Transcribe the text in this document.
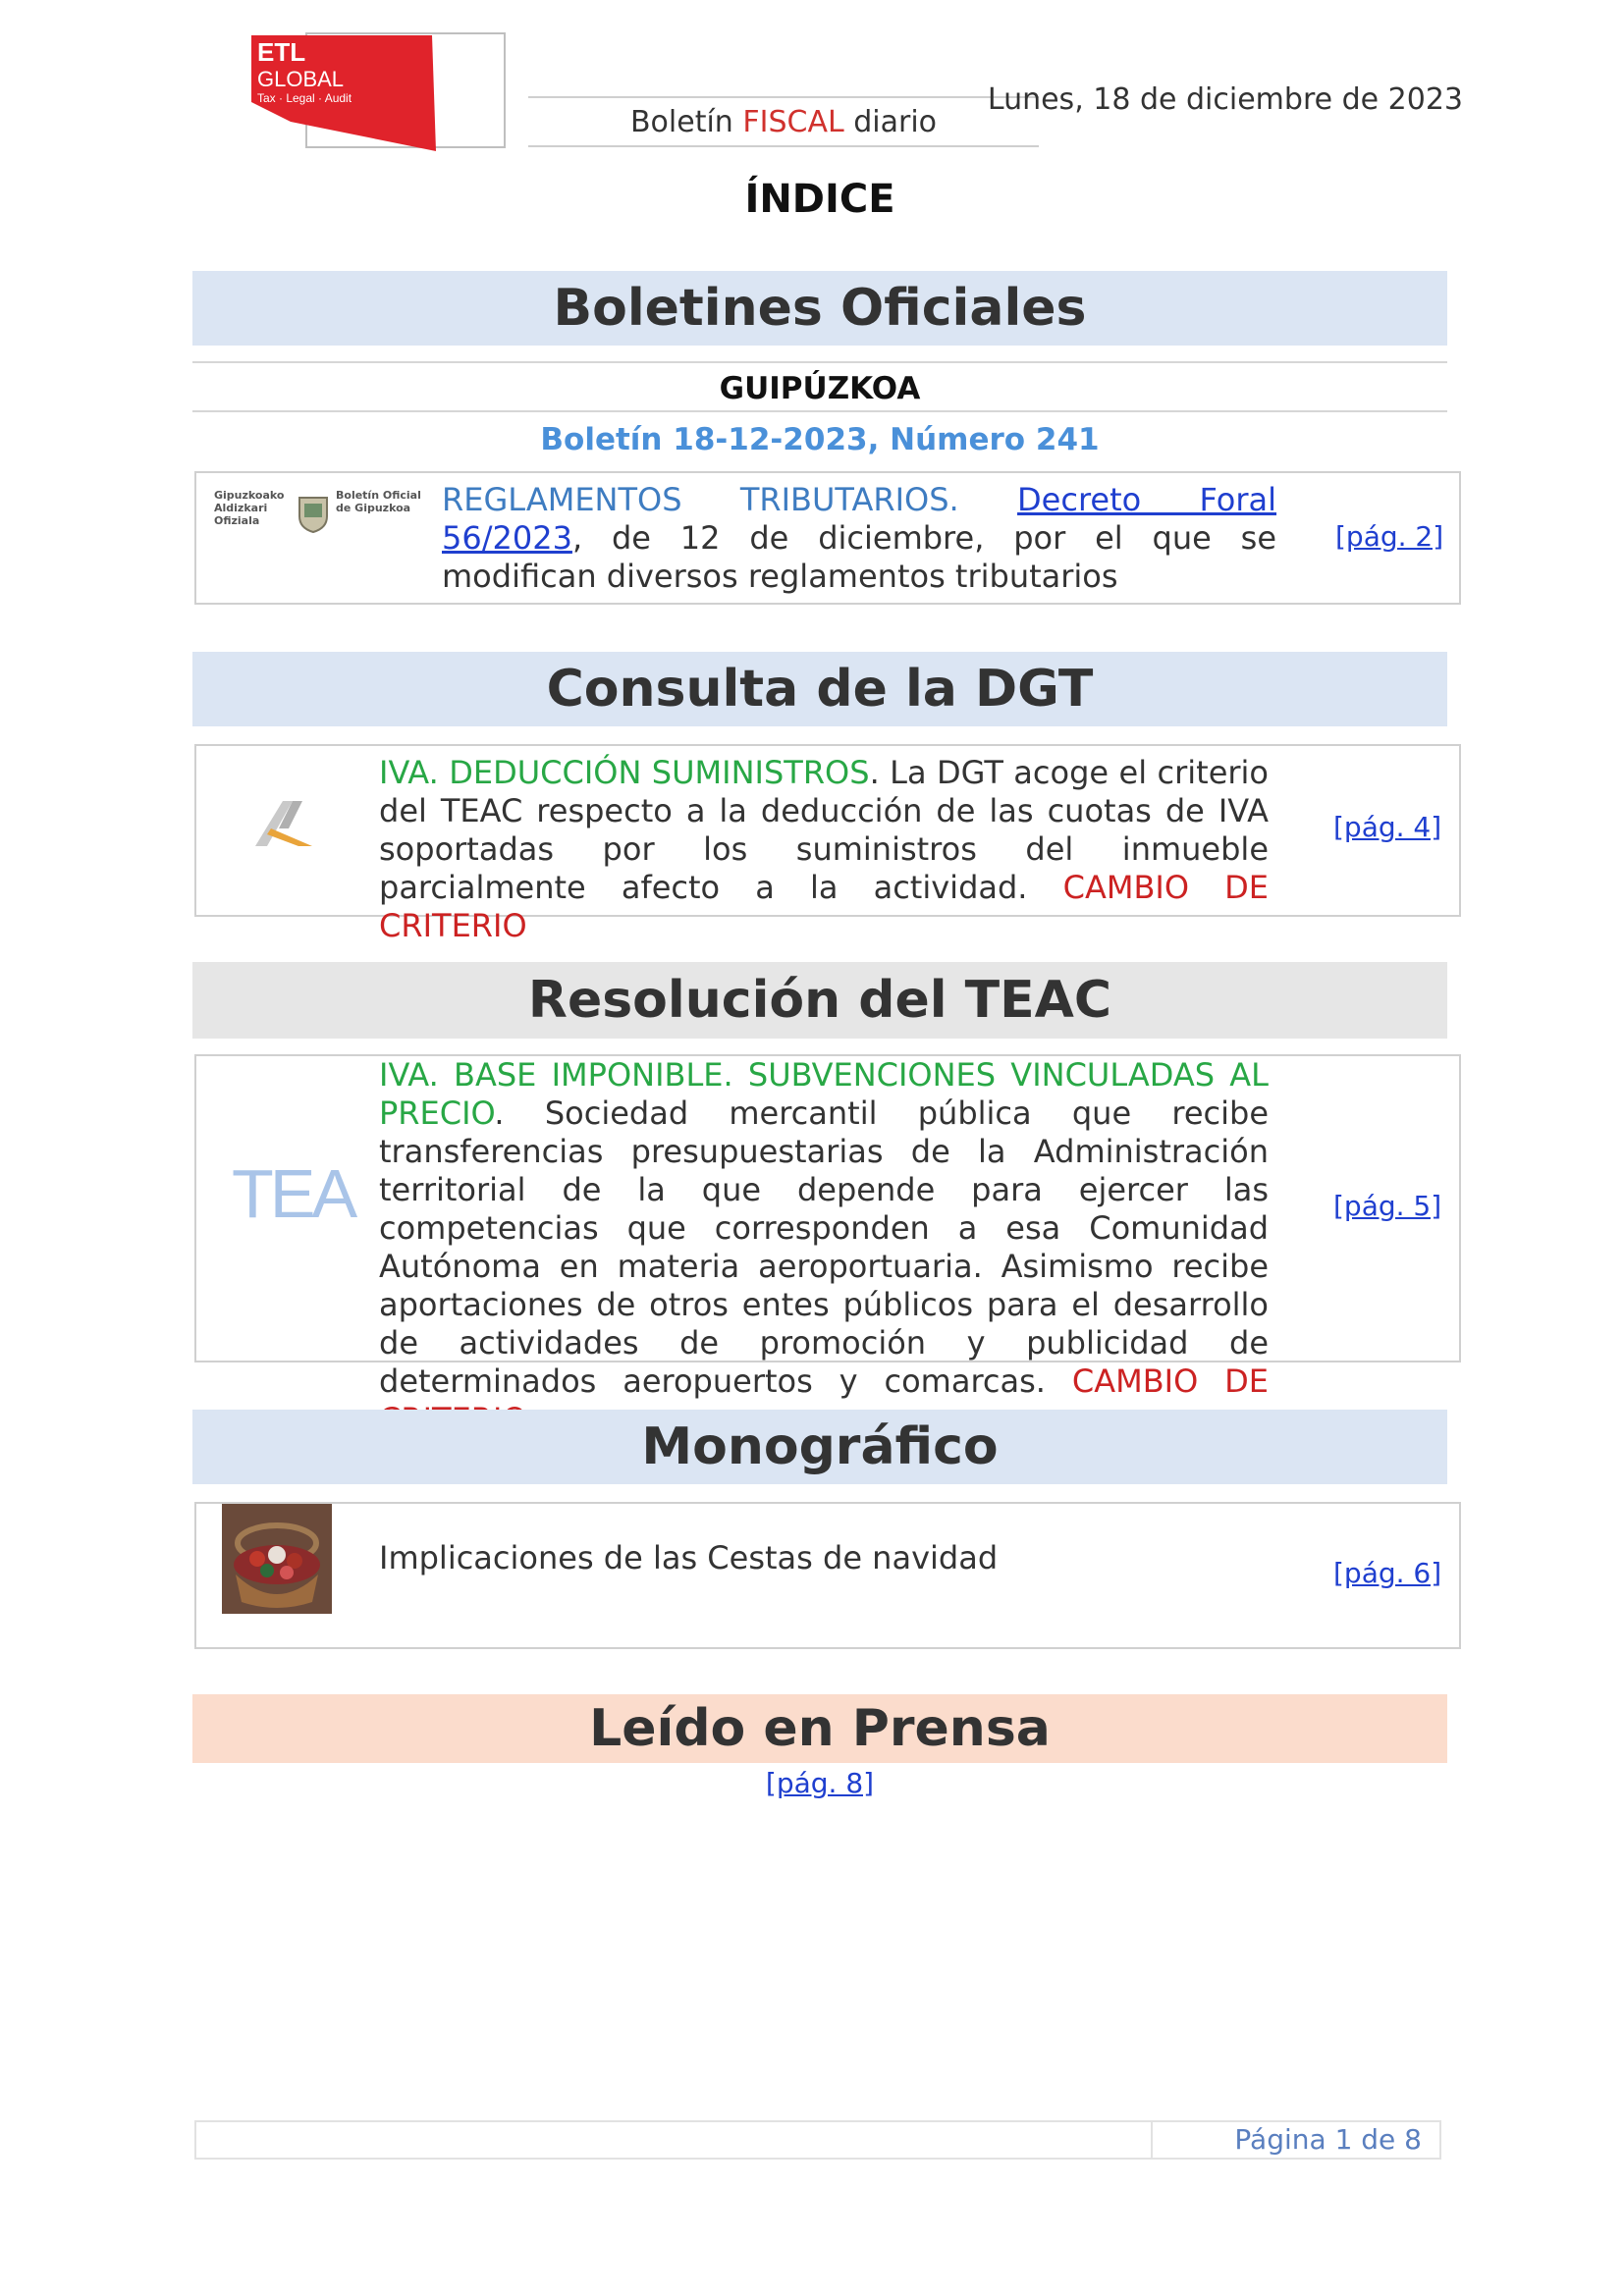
ETL
GLOBAL
Tax · Legal · Audit
Boletín FISCAL diario
Lunes, 18 de diciembre de 2023
ÍNDICE
Boletines Oficiales
GUIPÚZKOA
Boletín 18-12-2023, Número 241
Gipuzkoako Aldizkari Ofiziala
Boletín Oficial de Gipuzkoa REGLAMENTOS TRIBUTARIOS. Decreto Foral 56/2023, de 12 de diciembre, por el que se modifican diversos reglamentos tributarios
[pág. 2]
Consulta de la DGT
IVA. DEDUCCIÓN SUMINISTROS. La DGT acoge el criterio del TEAC respecto a la deducción de las cuotas de IVA soportadas por los suministros del inmueble parcialmente afecto a la actividad. CAMBIO DE CRITERIO
[pág. 4]
Resolución del TEAC
TEA
IVA. BASE IMPONIBLE. SUBVENCIONES VINCULADAS AL PRECIO. Sociedad mercantil pública que recibe transferencias presupuestarias de la Administración territorial de la que depende para ejercer las competencias que corresponden a esa Comunidad Autónoma en materia aeroportuaria. Asimismo recibe aportaciones de otros entes públicos para el desarrollo de actividades de promoción y publicidad de determinados aeropuertos y comarcas. CAMBIO DE
[pág. 5]
Monográfico
Implicaciones de las Cestas de navidad	[pág. 6]
Leído en Prensa
[pág. 8]
Página 1 de 8
